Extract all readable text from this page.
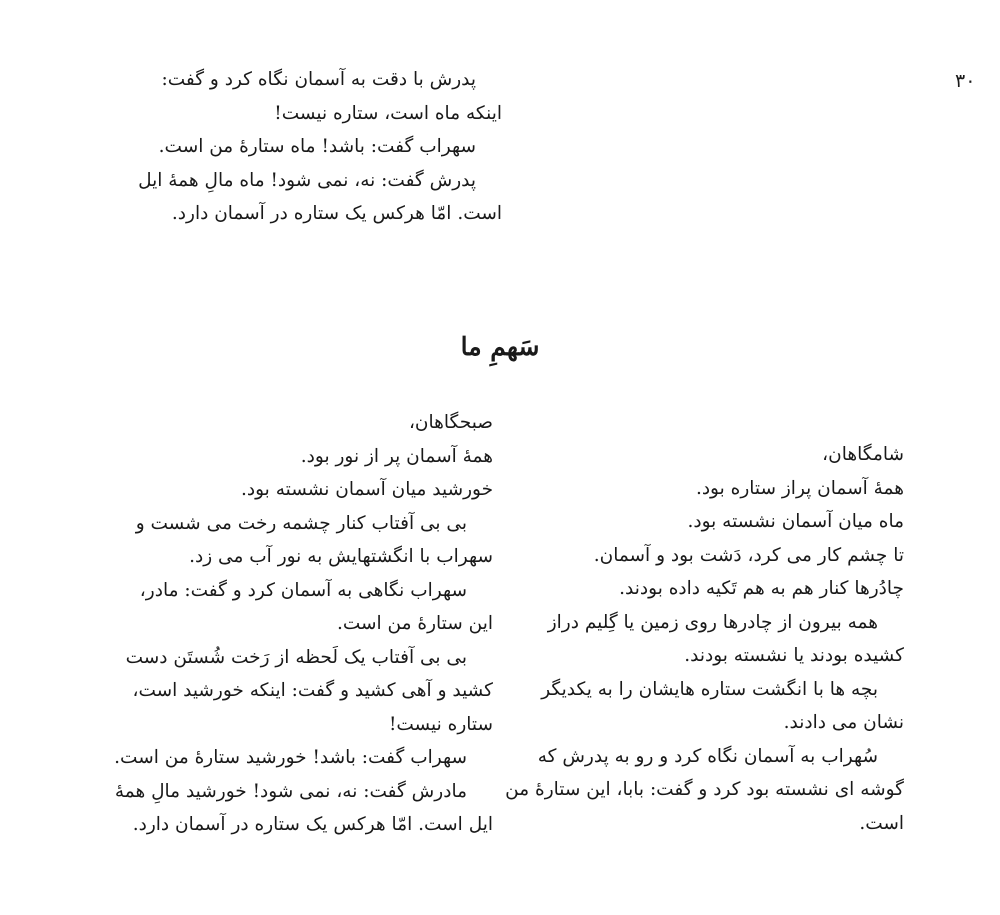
۳۰
پدرش با دقت به آسمان نگاه کرد و گفت:
اینکه ماه است، ستاره نیست!
سهراب گفت: باشد! ماه ستارهٔ من است.
پدرش گفت: نه، نمی شود! ماه مالِ همهٔ ایل
است. امّا هرکس یک ستاره در آسمان دارد.
سَهمِ ما
شامگاهان،
همهٔ آسمان پراز ستاره بود.
ماه میان آسمان نشسته بود.
تا چشم کار می کرد، دَشت بود و آسمان.
چادُرها کنار هم به هم تَکیه داده بودند.
همه بیرون از چادرها روی زمین یا گِلیم دراز
کشیده بودند یا نشسته بودند.
بچه ها با انگشت ستاره هایشان را به یکدیگر
نشان می دادند.
سُهراب به آسمان نگاه کرد و رو به پدرش که
گوشه ای نشسته بود کرد و گفت: بابا، این ستارهٔ من
است.
صبحگاهان،
همهٔ آسمان پر از نور بود.
خورشید میان آسمان نشسته بود.
بی بی آفتاب کنار چشمه رخت می شست و
سهراب با انگشتهایش به نور آب می زد.
سهراب نگاهی به آسمان کرد و گفت: مادر،
این ستارهٔ من است.
بی بی آفتاب یک لَحظه از رَخت شُستَن دست
کشید و آهی کشید و گفت: اینکه خورشید است،
ستاره نیست!
سهراب گفت: باشد! خورشید ستارهٔ من است.
مادرش گفت: نه، نمی شود! خورشید مالِ همهٔ
ایل است. امّا هرکس یک ستاره در آسمان دارد.
